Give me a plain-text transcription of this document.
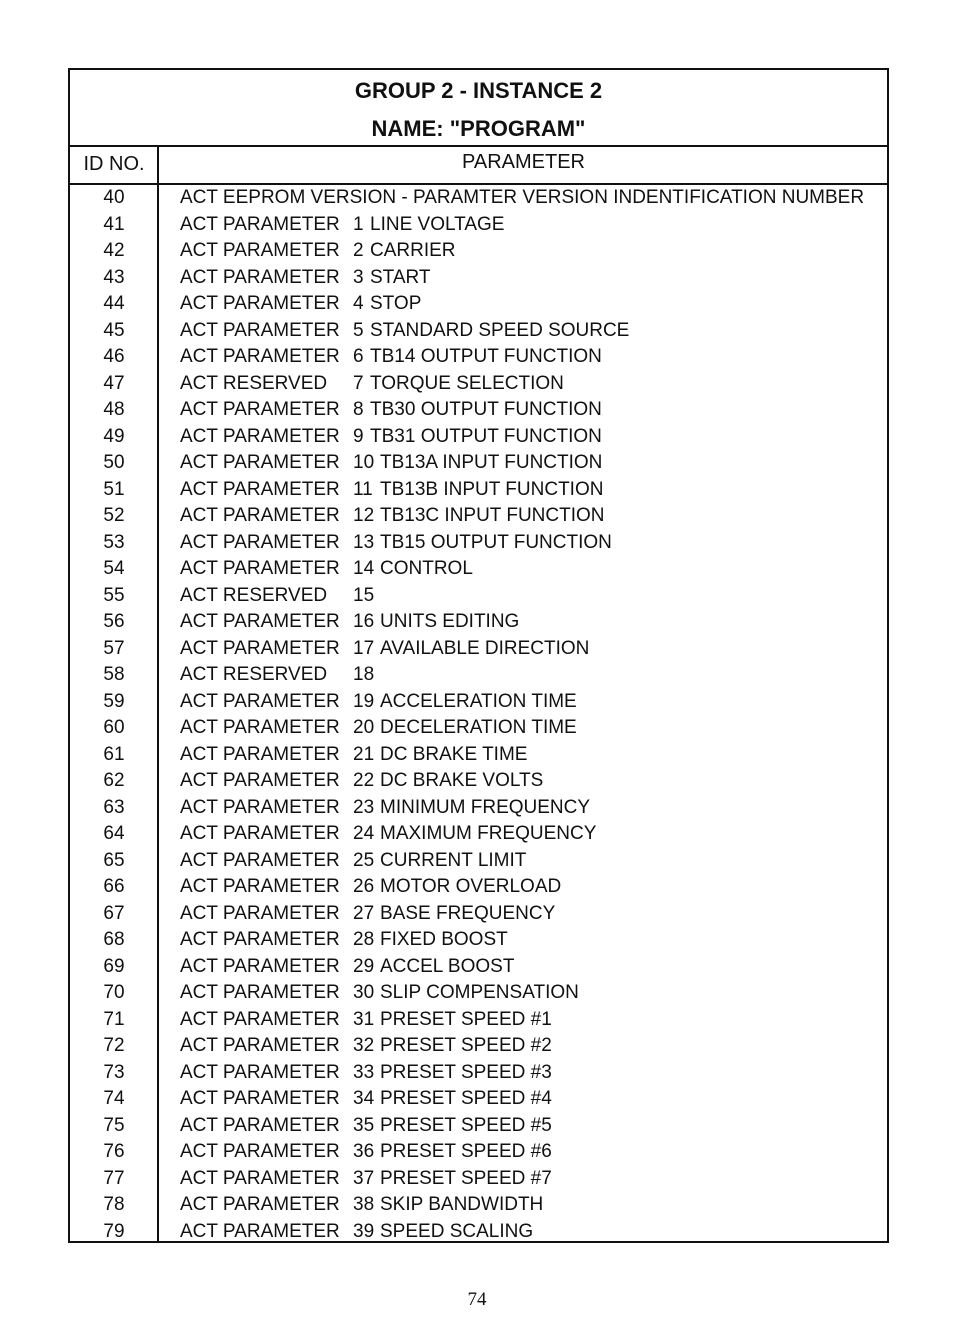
GROUP 2 - INSTANCE 2
NAME: "PROGRAM"
ID NO.	PARAMETER
40	ACT EEPROM VERSION - PARAMTER VERSION INDENTIFICATION NUMBER
41	ACT PARAMETER 1 LINE VOLTAGE
42	ACT PARAMETER 2 CARRIER
43	ACT PARAMETER 3 START
44	ACT PARAMETER 4 STOP
45	ACT PARAMETER 5 STANDARD SPEED SOURCE
46	ACT PARAMETER 6 TB14 OUTPUT FUNCTION
47	ACT RESERVED 7 TORQUE SELECTION
48	ACT PARAMETER 8 TB30 OUTPUT FUNCTION
49	ACT PARAMETER 9 TB31 OUTPUT FUNCTION
50	ACT PARAMETER 10 TB13A INPUT FUNCTION
51	ACT PARAMETER 11 TB13B INPUT FUNCTION
52	ACT PARAMETER 12 TB13C INPUT FUNCTION
53	ACT PARAMETER 13 TB15 OUTPUT FUNCTION
54	ACT PARAMETER 14 CONTROL
55	ACT RESERVED 15
56	ACT PARAMETER 16 UNITS EDITING
57	ACT PARAMETER 17 AVAILABLE DIRECTION
58	ACT RESERVED 18
59	ACT PARAMETER 19 ACCELERATION TIME
60	ACT PARAMETER 20 DECELERATION TIME
61	ACT PARAMETER 21 DC BRAKE TIME
62	ACT PARAMETER 22 DC BRAKE VOLTS
63	ACT PARAMETER 23 MINIMUM FREQUENCY
64	ACT PARAMETER 24 MAXIMUM FREQUENCY
65	ACT PARAMETER 25 CURRENT LIMIT
66	ACT PARAMETER 26 MOTOR OVERLOAD
67	ACT PARAMETER 27 BASE FREQUENCY
68	ACT PARAMETER 28 FIXED BOOST
69	ACT PARAMETER 29 ACCEL BOOST
70	ACT PARAMETER 30 SLIP COMPENSATION
71	ACT PARAMETER 31 PRESET SPEED #1
72	ACT PARAMETER 32 PRESET SPEED #2
73	ACT PARAMETER 33 PRESET SPEED #3
74	ACT PARAMETER 34 PRESET SPEED #4
75	ACT PARAMETER 35 PRESET SPEED #5
76	ACT PARAMETER 36 PRESET SPEED #6
77	ACT PARAMETER 37 PRESET SPEED #7
78	ACT PARAMETER 38 SKIP BANDWIDTH
79	ACT PARAMETER 39 SPEED SCALING
74
